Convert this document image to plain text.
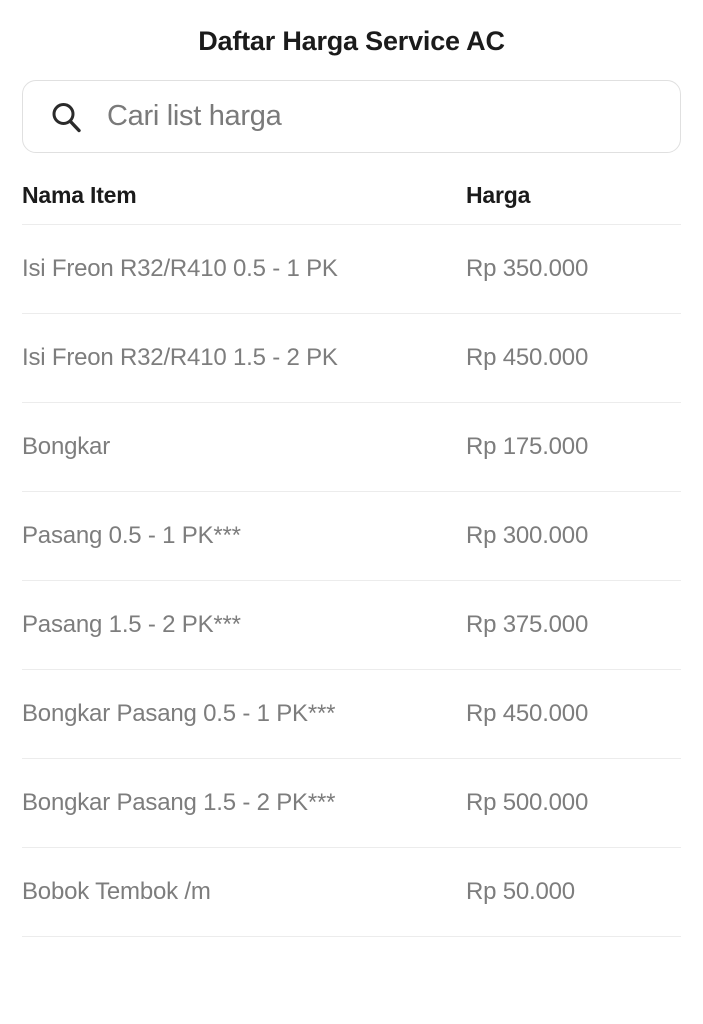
Daftar Harga Service AC
Cari list harga
Nama Item	Harga
Isi Freon R32/R410 0.5 - 1 PK	Rp 350.000
Isi Freon R32/R410 1.5 - 2 PK	Rp 450.000
Bongkar	Rp 175.000
Pasang 0.5 - 1 PK***	Rp 300.000
Pasang 1.5 - 2 PK***	Rp 375.000
Bongkar Pasang 0.5 - 1 PK***	Rp 450.000
Bongkar Pasang 1.5 - 2 PK***	Rp 500.000
Bobok Tembok /m	Rp 50.000
